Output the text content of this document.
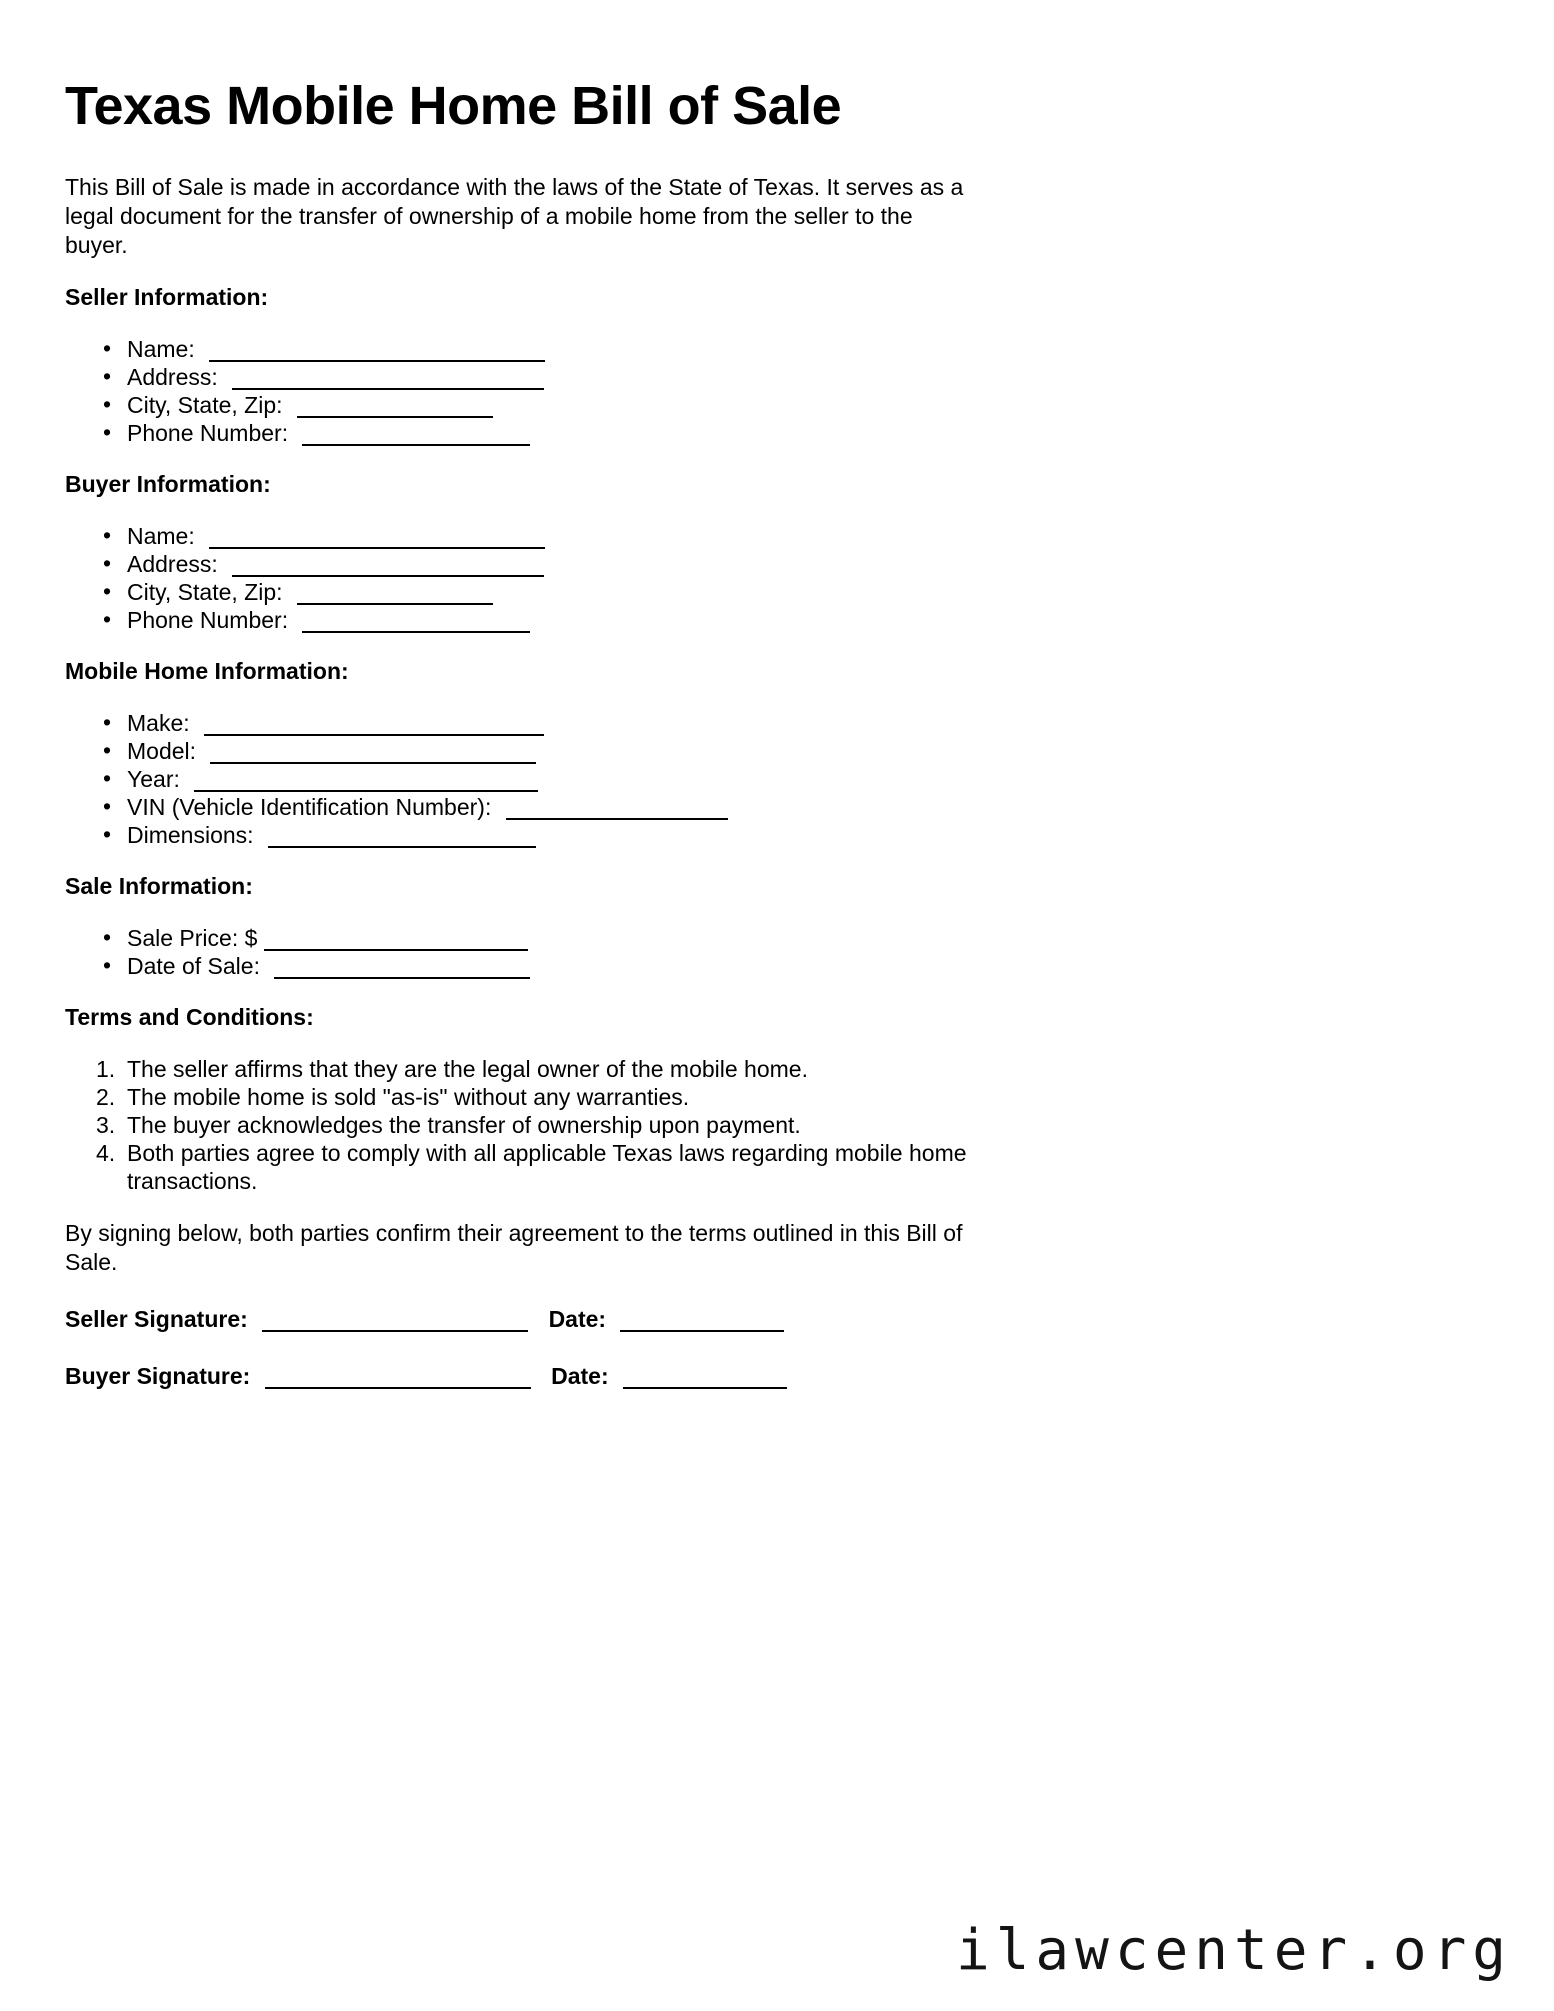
Texas Mobile Home Bill of Sale

This Bill of Sale is made in accordance with the laws of the State of Texas. It serves as a
legal document for the transfer of ownership of a mobile home from the seller to the
buyer.

Seller Information:
• Name:
• Address:
• City, State, Zip:
• Phone Number:
Buyer Information:
• Name:
• Address:
• City, State, Zip:
• Phone Number:
Mobile Home Information:
• Make:
• Model:
• Year:
• VIN (Vehicle Identification Number):
• Dimensions:
Sale Information:
• Sale Price: $
• Date of Sale:
Terms and Conditions:
1. The seller affirms that they are the legal owner of the mobile home.
2. The mobile home is sold "as-is" without any warranties.
3. The buyer acknowledges the transfer of ownership upon payment.
4. Both parties agree to comply with all applicable Texas laws regarding mobile home
transactions.

By signing below, both parties confirm their agreement to the terms outlined in this Bill of
Sale.

Seller Signature:	Date:

Buyer Signature:	Date:

ilawcenter.org
